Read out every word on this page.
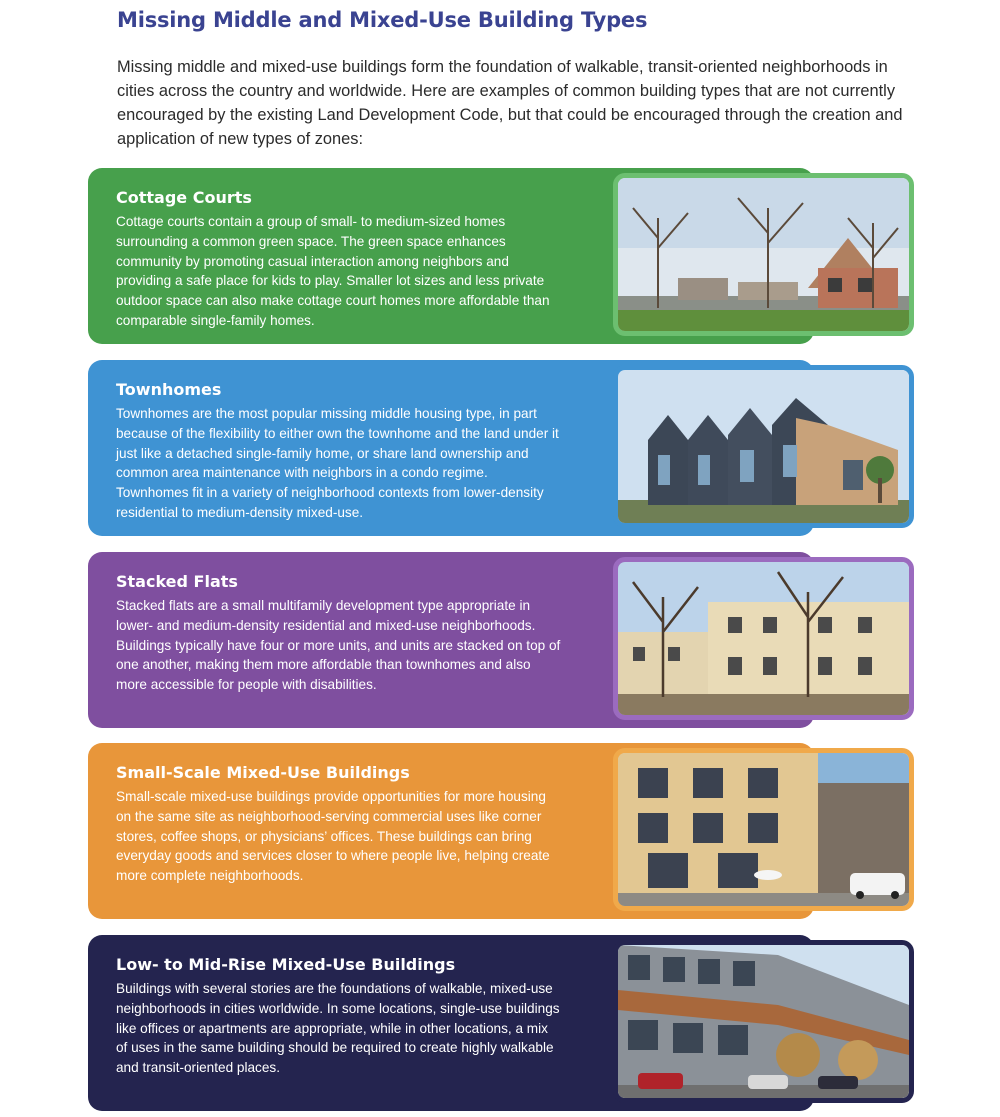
Missing Middle and Mixed-Use Building Types
Missing middle and mixed-use buildings form the foundation of walkable, transit-oriented neighborhoods in cities across the country and worldwide. Here are examples of common building types that are not currently encouraged by the existing Land Development Code, but that could be encouraged through the creation and application of new types of zones:
Cottage Courts
Cottage courts contain a group of small- to medium-sized homes surrounding a common green space. The green space enhances community by promoting casual interaction among neighbors and providing a safe place for kids to play. Smaller lot sizes and less private outdoor space can also make cottage court homes more affordable than comparable single-family homes.
Townhomes
Townhomes are the most popular missing middle housing type, in part because of the flexibility to either own the townhome and the land under it just like a detached single-family home, or share land ownership and common area maintenance with neighbors in a condo regime. Townhomes fit in a variety of neighborhood contexts from lower-density residential to medium-density mixed-use.
Stacked Flats
Stacked flats are a small multifamily development type appropriate in lower- and medium-density residential and mixed-use neighborhoods. Buildings typically have four or more units, and units are stacked on top of one another, making them more affordable than townhomes and also more accessible for people with disabilities.
Small-Scale Mixed-Use Buildings
Small-scale mixed-use buildings provide opportunities for more housing on the same site as neighborhood-serving commercial uses like corner stores, coffee shops, or physicians’ offices. These buildings can bring everyday goods and services closer to where people live, helping create more complete neighborhoods.
Low- to Mid-Rise Mixed-Use Buildings
Buildings with several stories are the foundations of walkable, mixed-use neighborhoods in cities worldwide. In some locations, single-use buildings like offices or apartments are appropriate, while in other locations, a mix of uses in the same building should be required to create highly walkable and transit-oriented places.
